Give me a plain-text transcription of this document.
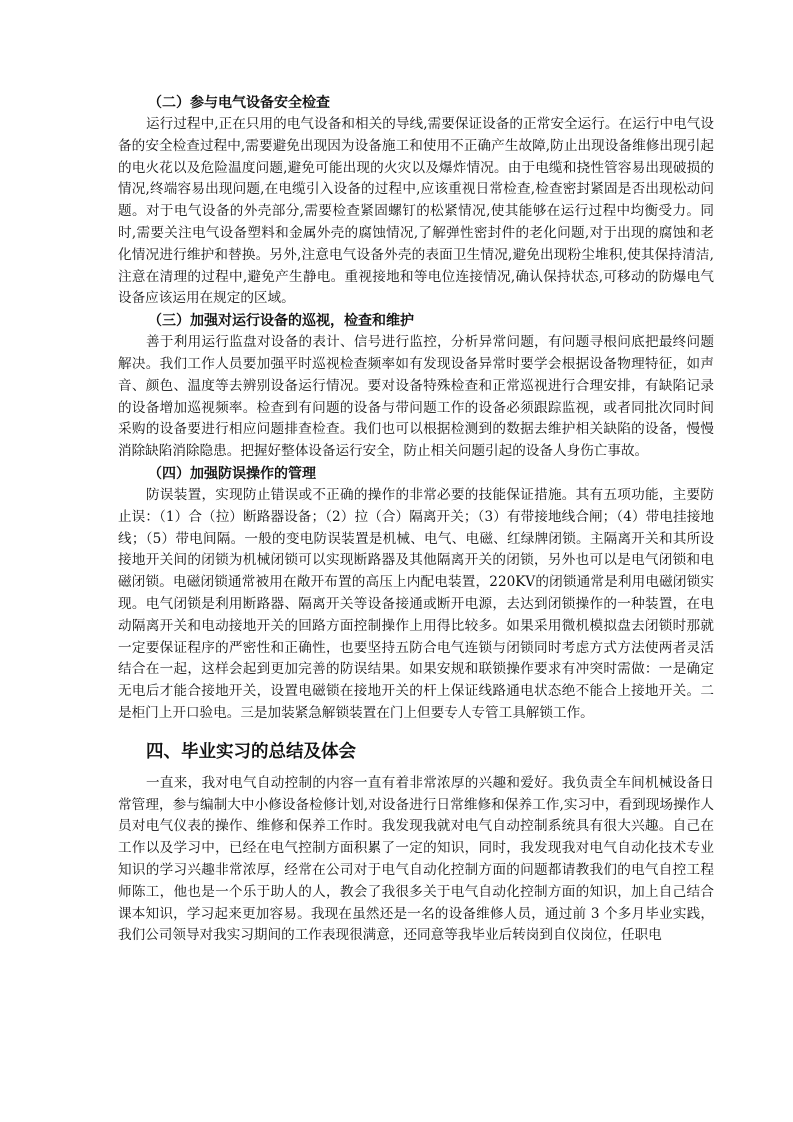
（二）参与电气设备安全检查

运行过程中,正在只用的电气设备和相关的导线,需要保证设备的正常安全运行。在运行中电气设备的安全检查过程中,需要避免出现因为设备施工和使用不正确产生故障,防止出现设备维修出现引起的电火花以及危险温度问题,避免可能出现的火灾以及爆炸情况。由于电缆和挠性管容易出现破损的情况,终端容易出现问题,在电缆引入设备的过程中,应该重视日常检查,检查密封紧固是否出现松动问题。对于电气设备的外壳部分,需要检查紧固螺钉的松紧情况,使其能够在运行过程中均衡受力。同时,需要关注电气设备塑料和金属外壳的腐蚀情况,了解弹性密封件的老化问题,对于出现的腐蚀和老化情况进行维护和替换。另外,注意电气设备外壳的表面卫生情况,避免出现粉尘堆积,使其保持清洁,注意在清理的过程中,避免产生静电。重视接地和等电位连接情况,确认保持状态,可移动的防爆电气设备应该运用在规定的区域。

（三）加强对运行设备的巡视，检查和维护

善于利用运行监盘对设备的表计、信号进行监控，分析异常问题，有问题寻根问底把最终问题解决。我们工作人员要加强平时巡视检查频率如有发现设备异常时要学会根据设备物理特征，如声音、颜色、温度等去辨别设备运行情况。要对设备特殊检查和正常巡视进行合理安排，有缺陷记录的设备增加巡视频率。检查到有问题的设备与带问题工作的设备必须跟踪监视，或者同批次同时间采购的设备要进行相应问题排查检查。我们也可以根据检测到的数据去维护相关缺陷的设备，慢慢消除缺陷消除隐患。把握好整体设备运行安全，防止相关问题引起的设备人身伤亡事故。

（四）加强防误操作的管理

防误装置，实现防止错误或不正确的操作的非常必要的技能保证措施。其有五项功能，主要防止误：（1）合（拉）断路器设备；（2）拉（合）隔离开关；（3）有带接地线合闸；（4）带电挂接地线；（5）带电间隔。一般的变电防误装置是机械、电气、电磁、红绿牌闭锁。主隔离开关和其所设接地开关间的闭锁为机械闭锁可以实现断路器及其他隔离开关的闭锁，另外也可以是电气闭锁和电磁闭锁。电磁闭锁通常被用在敞开布置的高压上内配电装置，220KV的闭锁通常是利用电磁闭锁实现。电气闭锁是利用断路器、隔离开关等设备接通或断开电源，去达到闭锁操作的一种装置，在电动隔离开关和电动接地开关的回路方面控制操作上用得比较多。如果采用微机模拟盘去闭锁时那就一定要保证程序的严密性和正确性，也要坚持五防合电气连锁与闭锁同时考虑方式方法使两者灵活结合在一起，这样会起到更加完善的防误结果。如果安规和联锁操作要求有冲突时需做：一是确定无电后才能合接地开关，设置电磁锁在接地开关的杆上保证线路通电状态绝不能合上接地开关。二是柜门上开口验电。三是加装紧急解锁装置在门上但要专人专管工具解锁工作。

四、毕业实习的总结及体会

一直来，我对电气自动控制的内容一直有着非常浓厚的兴趣和爱好。我负责全车间机械设备日常管理，参与编制大中小修设备检修计划,对设备进行日常维修和保养工作,实习中，看到现场操作人员对电气仪表的操作、维修和保养工作时。我发现我就对电气自动控制系统具有很大兴趣。自己在工作以及学习中，已经在电气控制方面积累了一定的知识，同时，我发现我对电气自动化技术专业知识的学习兴趣非常浓厚，经常在公司对于电气自动化控制方面的问题都请教我们的电气自控工程师陈工，他也是一个乐于助人的人，教会了我很多关于电气自动化控制方面的知识，加上自己结合课本知识，学习起来更加容易。我现在虽然还是一名的设备维修人员，通过前 3 个多月毕业实践，我们公司领导对我实习期间的工作表现很满意，还同意等我毕业后转岗到自仪岗位，任职电
